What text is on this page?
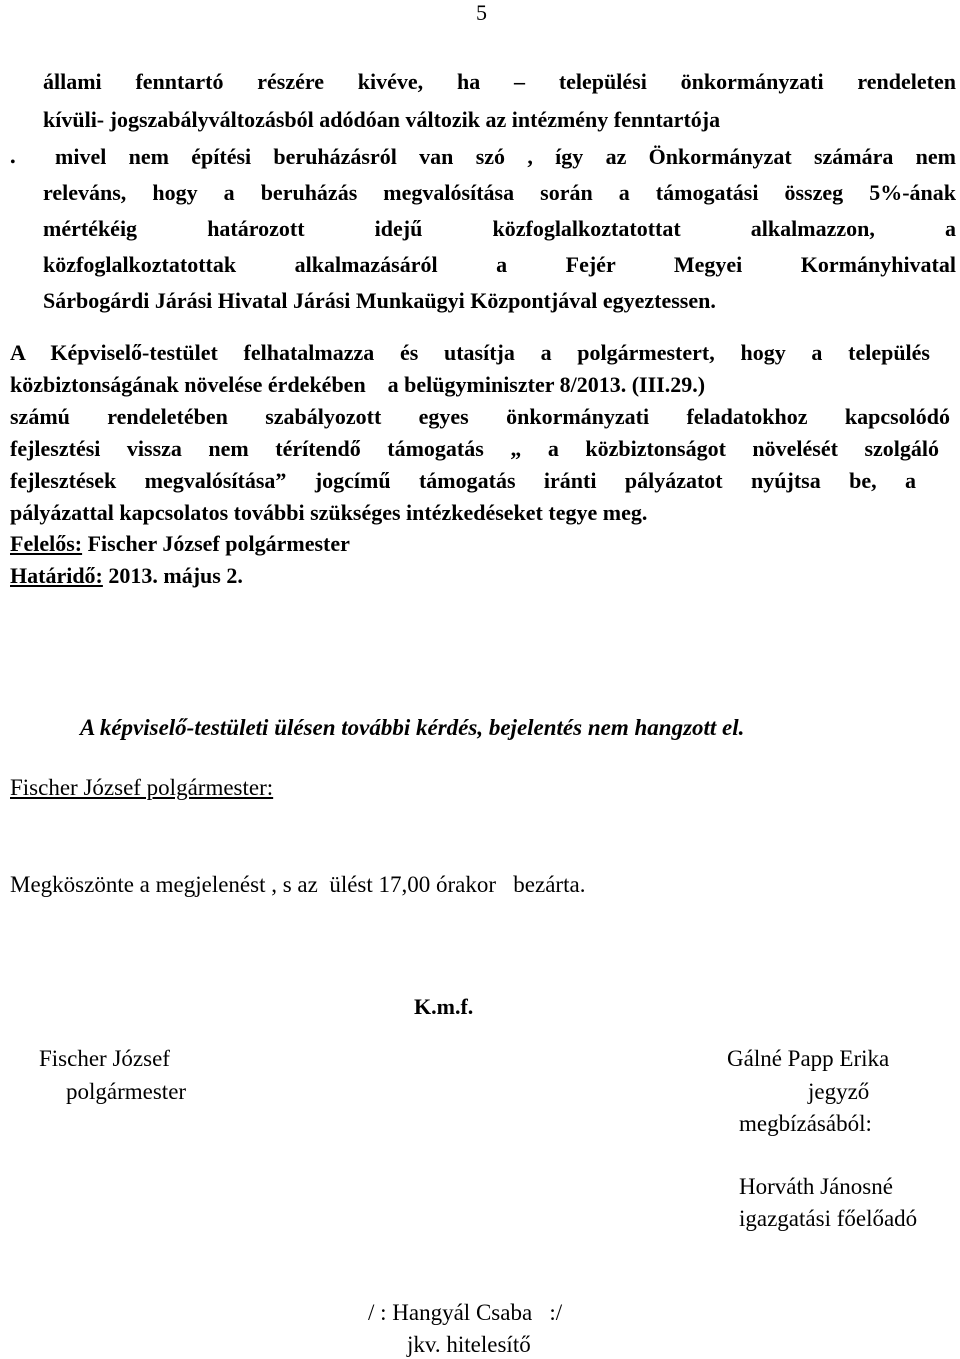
5
•
állami fenntartó részére kivéve, ha – települési önkormányzati rendeleten
kívüli- jogszabályváltozásból adódóan változik az intézmény fenntartója
mivel nem építési beruházásról van szó , így az Önkormányzat számára nem
releváns, hogy a beruházás megvalósítása során a támogatási összeg 5%-ának
mértékéig határozott idejű közfoglalkoztatottat alkalmazzon, a
közfoglalkoztatottak alkalmazásáról a Fejér Megyei Kormányhivatal
Sárbogárdi Járási Hivatal Járási Munkaügyi Központjával egyeztessen.
A Képviselő-testület felhatalmazza és utasítja a polgármestert, hogy a település
közbiztonságának növelése érdekében    a belügyminiszter 8/2013. (III.29.)
számú rendeletében szabályozott egyes önkormányzati feladatokhoz kapcsolódó
fejlesztési vissza nem térítendő támogatás „ a közbiztonságot növelését szolgáló
fejlesztések megvalósítása” jogcímű támogatás iránti pályázatot nyújtsa be, a
pályázattal kapcsolatos további szükséges intézkedéseket tegye meg.
Felelős: Fischer József polgármester
Határidő: 2013. május 2.
A képviselő-testületi ülésen további kérdés, bejelentés nem hangzott el.
Fischer József polgármester:
Megköszönte a megjelenést , s az  ülést 17,00 órakor   bezárta.
K.m.f.
Fischer József
polgármester
Gálné Papp Erika
jegyző
megbízásából:
Horváth Jánosné
igazgatási főelőadó
/ : Hangyál Csaba   :/
jkv. hitelesítő
